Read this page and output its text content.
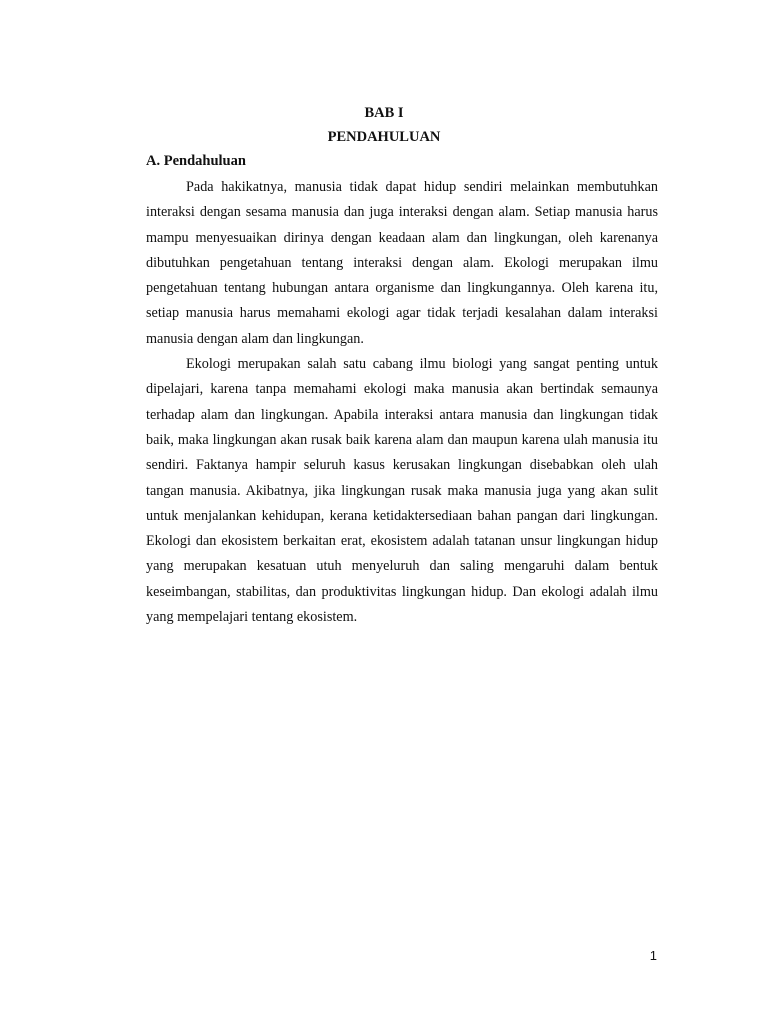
BAB I
PENDAHULUAN
A. Pendahuluan

Pada hakikatnya, manusia tidak dapat hidup sendiri melainkan membutuhkan interaksi dengan sesama manusia dan juga interaksi dengan alam. Setiap manusia harus mampu menyesuaikan dirinya dengan keadaan alam dan lingkungan, oleh karenanya dibutuhkan pengetahuan tentang interaksi dengan alam. Ekologi merupakan ilmu pengetahuan tentang hubungan antara organisme dan lingkungannya. Oleh karena itu, setiap manusia harus memahami ekologi agar tidak terjadi kesalahan dalam interaksi manusia dengan alam dan lingkungan.

Ekologi merupakan salah satu cabang ilmu biologi yang sangat penting untuk dipelajari, karena tanpa memahami ekologi maka manusia akan bertindak semaunya terhadap alam dan lingkungan. Apabila interaksi antara manusia dan lingkungan tidak baik, maka lingkungan akan rusak baik karena alam dan maupun karena ulah manusia itu sendiri. Faktanya hampir seluruh kasus kerusakan lingkungan disebabkan oleh ulah tangan manusia. Akibatnya, jika lingkungan rusak maka manusia juga yang akan sulit untuk menjalankan kehidupan, kerana ketidaktersediaan bahan pangan dari lingkungan. Ekologi dan ekosistem berkaitan erat, ekosistem adalah tatanan unsur lingkungan hidup yang merupakan kesatuan utuh menyeluruh dan saling mengaruhi dalam bentuk keseimbangan, stabilitas, dan produktivitas lingkungan hidup. Dan ekologi adalah ilmu yang mempelajari tentang ekosistem.

1
